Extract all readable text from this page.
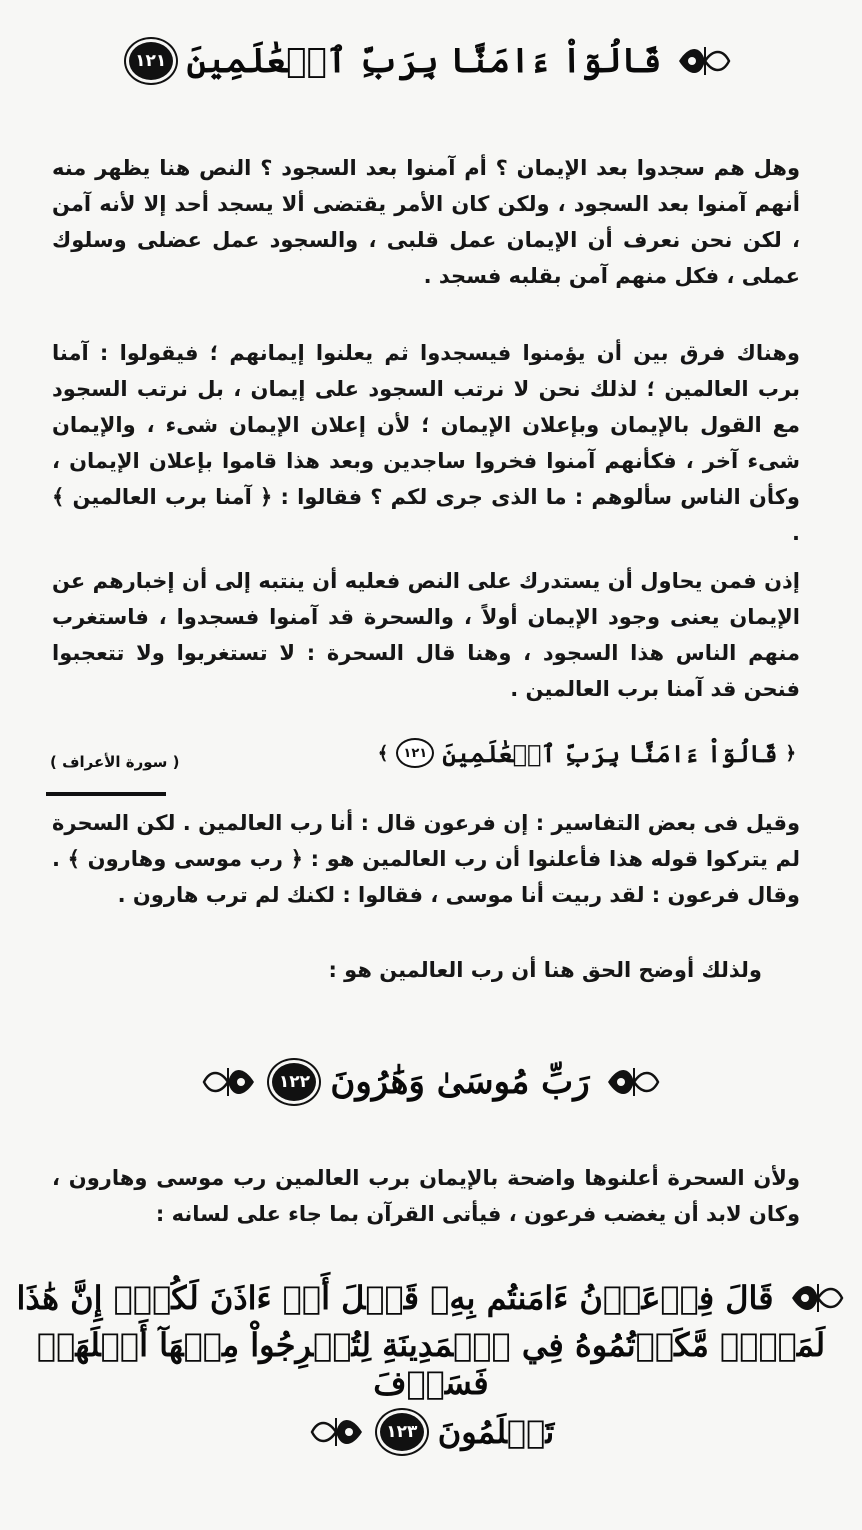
قَالُوٓاْ ءَامَنَّا بِرَبِّ ٱلۡعَٰلَمِينَ
١٢١
وهل هم سجدوا بعد الإيمان ؟ أم آمنوا بعد السجود ؟ النص هنا يظهر منه أنهم آمنوا بعد السجود ، ولكن كان الأمر يقتضى ألا يسجد أحد إلا لأنه آمن ، لكن نحن نعرف أن الإيمان عمل قلبى ، والسجود عمل عضلى وسلوك عملى ، فكل منهم آمن بقلبه فسجد .
وهناك فرق بين أن يؤمنوا فيسجدوا ثم يعلنوا إيمانهم ؛ فيقولوا : آمنا برب العالمين ؛ لذلك نحن لا نرتب السجود على إيمان ، بل نرتب السجود مع القول بالإيمان وبإعلان الإيمان ؛ لأن إعلان الإيمان شىء ، والإيمان شىء آخر ، فكأنهم آمنوا فخروا ساجدين وبعد هذا قاموا بإعلان الإيمان ، وكأن الناس سألوهم : ما الذى جرى لكم ؟ فقالوا : ﴿ آمنا برب العالمين ﴾ .
إذن فمن يحاول أن يستدرك على النص فعليه أن ينتبه إلى أن إخبارهم عن الإيمان يعنى وجود الإيمان أولاً ، والسحرة قد آمنوا فسجدوا ، فاستغرب منهم الناس هذا السجود ، وهنا قال السحرة : لا تستغربوا ولا تتعجبوا فنحن قد آمنا برب العالمين .
﴿
قَالُوٓاْ ءَامَنَّا بِرَبِّ ٱلۡعَٰلَمِينَ
١٢١
﴾
( سورة الأعراف )
وقيل فى بعض التفاسير : إن فرعون قال : أنا رب العالمين . لكن السحرة لم يتركوا قوله هذا فأعلنوا أن رب العالمين هو : ﴿ رب موسى وهارون ﴾ . وقال فرعون : لقد ربيت أنا موسى ، فقالوا : لكنك لم ترب هارون .
ولذلك أوضح الحق هنا أن رب العالمين هو :
رَبِّ مُوسَىٰ وَهَٰرُونَ
١٢٢
ولأن السحرة أعلنوها واضحة بالإيمان برب العالمين رب موسى وهارون ، وكان لابد أن يغضب فرعون ، فيأتى القرآن بما جاء على لسانه :
قَالَ فِرۡعَوۡنُ ءَامَنتُم بِهِۦ قَبۡلَ أَنۡ ءَاذَنَ لَكُمۡۖ إِنَّ هَٰذَا
لَمَكۡرٞ مَّكَرۡتُمُوهُ فِي ٱلۡمَدِينَةِ لِتُخۡرِجُواْ مِنۡهَآ أَهۡلَهَاۖ فَسَوۡفَ
تَعۡلَمُونَ
١٢٣
